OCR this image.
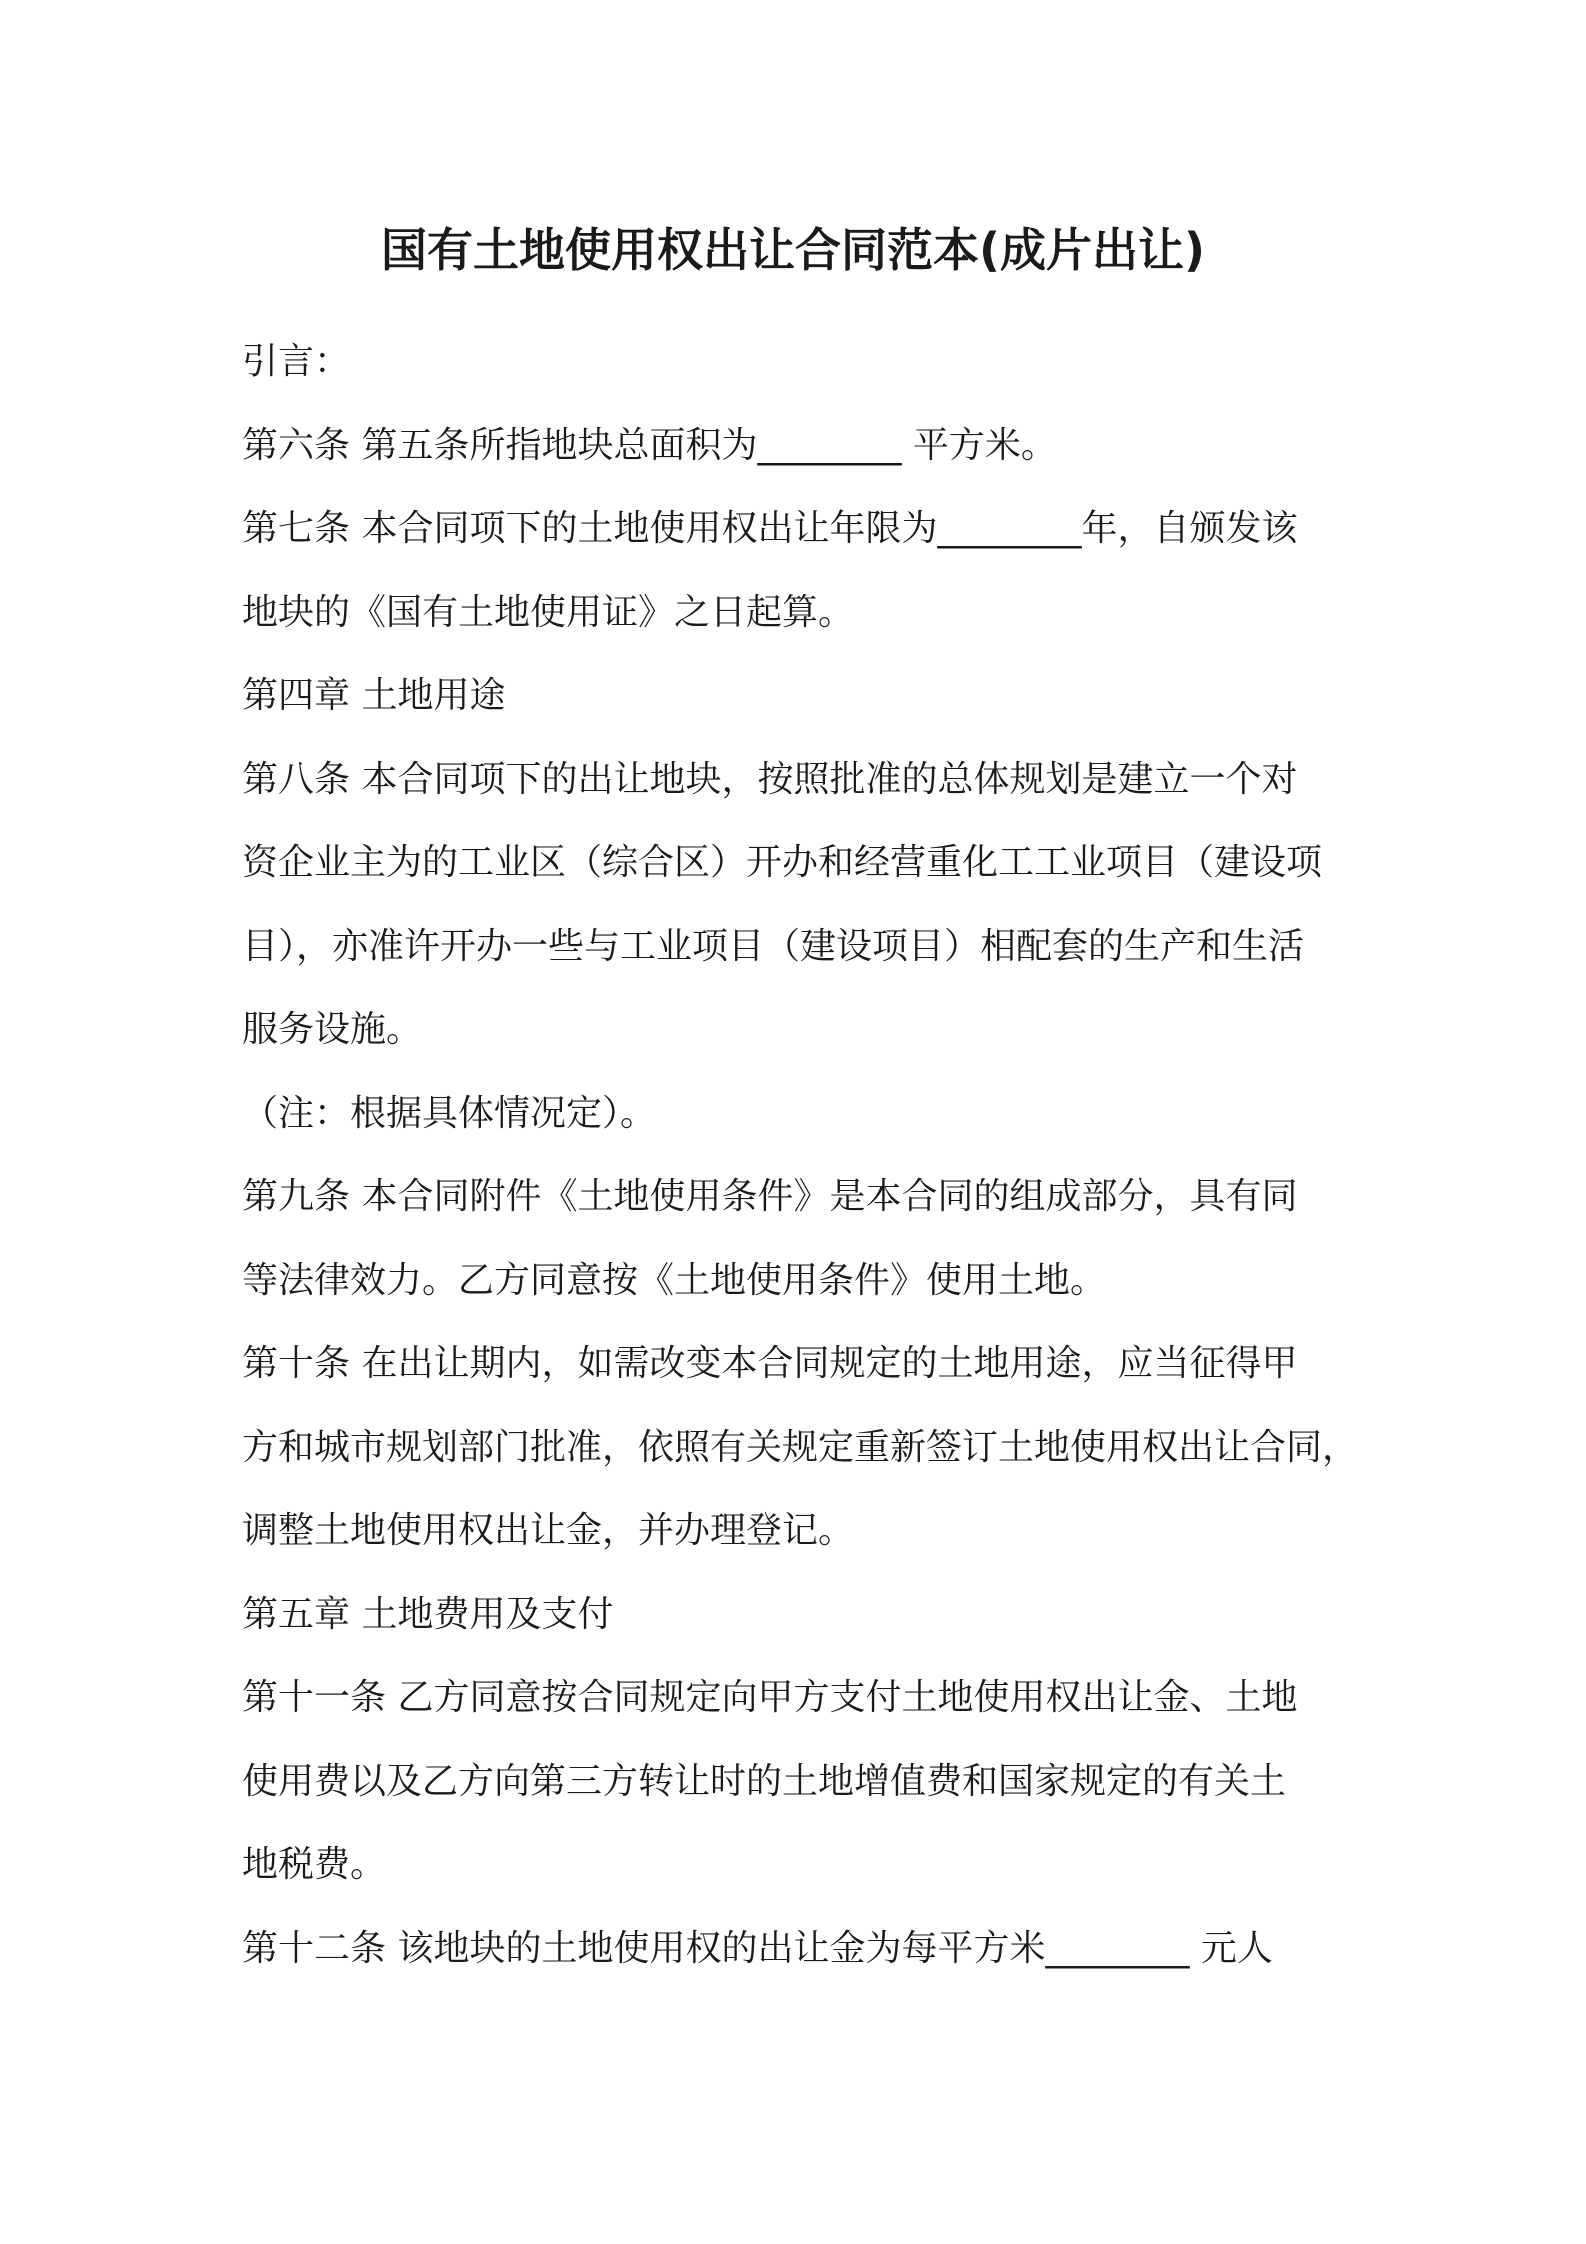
国有土地使用权出让合同范本(成片出让)
引言：
第六条 第五条所指地块总面积为________ 平方米。
第七条 本合同项下的土地使用权出让年限为________年，自颁发该
地块的《国有土地使用证》之日起算。
第四章 土地用途
第八条 本合同项下的出让地块，按照批准的总体规划是建立一个对
资企业主为的工业区（综合区）开办和经营重化工工业项目（建设项
目），亦准许开办一些与工业项目（建设项目）相配套的生产和生活
服务设施。
（注：根据具体情况定）。
第九条 本合同附件《土地使用条件》是本合同的组成部分，具有同
等法律效力。乙方同意按《土地使用条件》使用土地。
第十条 在出让期内，如需改变本合同规定的土地用途，应当征得甲
方和城市规划部门批准，依照有关规定重新签订土地使用权出让合同，
调整土地使用权出让金，并办理登记。
第五章 土地费用及支付
第十一条 乙方同意按合同规定向甲方支付土地使用权出让金、土地
使用费以及乙方向第三方转让时的土地增值费和国家规定的有关土
地税费。
第十二条 该地块的土地使用权的出让金为每平方米________ 元人
